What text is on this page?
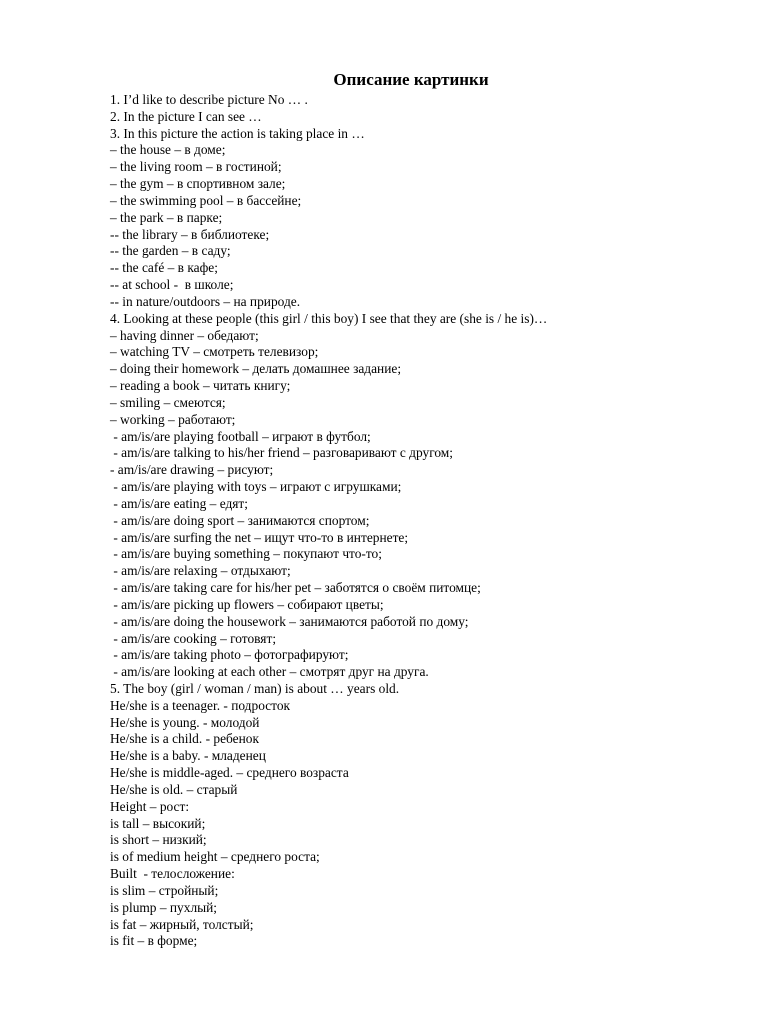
Описание картинки
1. I’d like to describe picture No … .
2. In the picture I can see …
3. In this picture the action is taking place in …
– the house – в доме;
– the living room – в гостиной;
– the gym – в спортивном зале;
– the swimming pool – в бассейне;
– the park – в парке;
-- the library – в библиотеке;
-- the garden – в саду;
-- the café – в кафе;
-- at school -  в школе;
-- in nature/outdoors – на природе.
4. Looking at these people (this girl / this boy) I see that they are (she is / he is)…
– having dinner – обедают;
– watching TV – смотреть телевизор;
– doing their homework – делать домашнее задание;
– reading a book – читать книгу;
– smiling – смеются;
– working – работают;
- am/is/are playing football – играют в футбол;
- am/is/are talking to his/her friend – разговаривают с другом;
- am/is/are drawing – рисуют;
- am/is/are playing with toys – играют с игрушками;
- am/is/are eating – едят;
- am/is/are doing sport – занимаются спортом;
- am/is/are surfing the net – ищут что-то в интернете;
- am/is/are buying something – покупают что-то;
- am/is/are relaxing – отдыхают;
- am/is/are taking care for his/her pet – заботятся о своём питомце;
- am/is/are picking up flowers – собирают цветы;
- am/is/are doing the housework – занимаются работой по дому;
- am/is/are cooking – готовят;
- am/is/are taking photo – фотографируют;
- am/is/are looking at each other – смотрят друг на друга.
5. The boy (girl / woman / man) is about … years old.
He/she is a teenager. - подросток
He/she is young. - молодой
He/she is a child. - ребенок
He/she is a baby. - младенец
He/she is middle-aged. – среднего возраста
He/she is old. – старый
Height – рост:
is tall – высокий;
is short – низкий;
is of medium height – среднего роста;
Built  - телосложение:
is slim – стройный;
is plump – пухлый;
is fat – жирный, толстый;
is fit – в форме;
